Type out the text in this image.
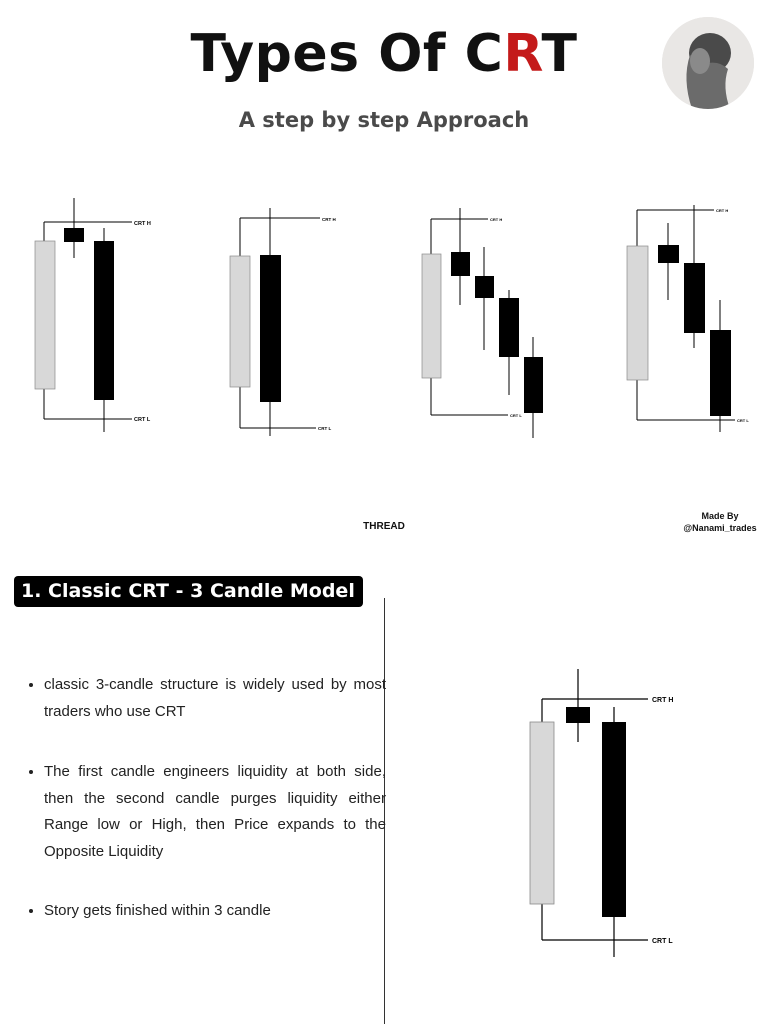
Types Of CRT
A step by step Approach
CRT H
CRT L
CRT H
CRT L
CRT H
CRT L
CRT H
CRT L
THREAD
Made By
@Nanami_trades
1. Classic CRT - 3 Candle Model
• classic 3-candle structure is widely used by most traders who use CRT
• The first candle engineers liquidity at both side, then the second candle purges liquidity either Range low or High, then Price expands to the Opposite Liquidity
• Story gets finished within 3 candle
CRT H
CRT L
